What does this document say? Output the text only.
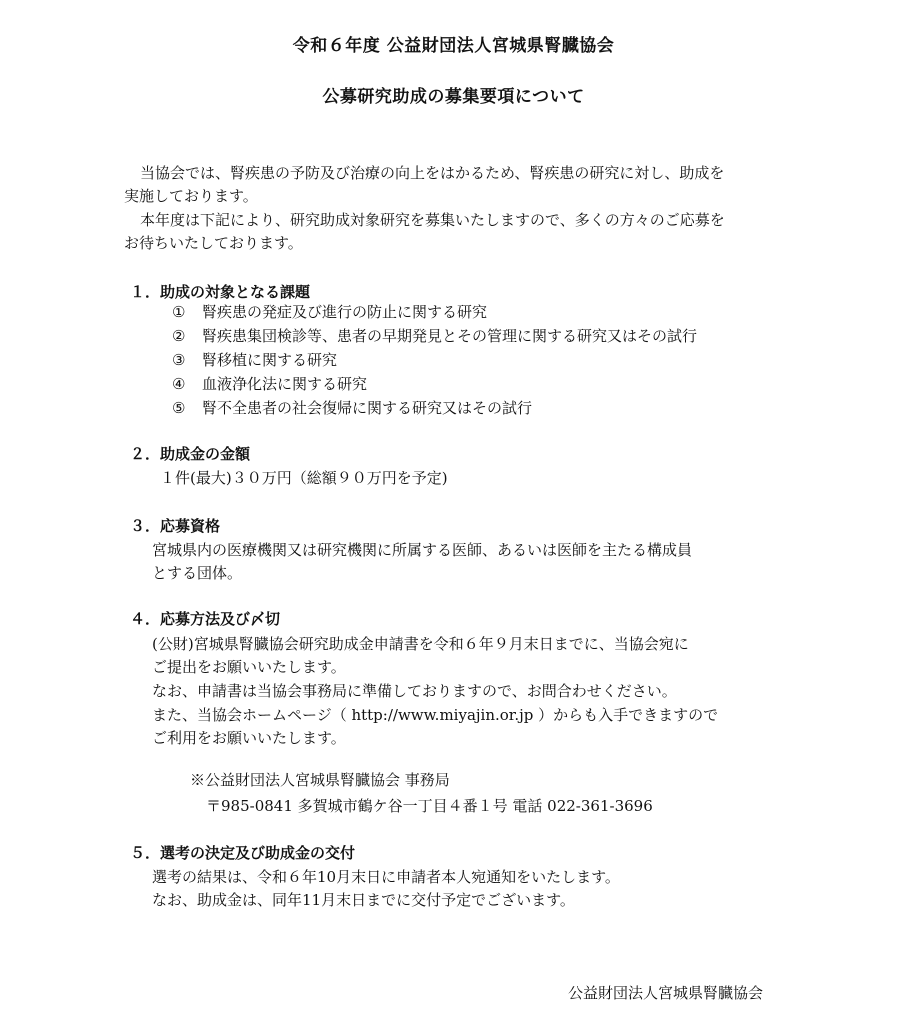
令和６年度 公益財団法人宮城県腎臓協会
公募研究助成の募集要項について
当協会では、腎疾患の予防及び治療の向上をはかるため、腎疾患の研究に対し、助成を
実施しております。
本年度は下記により、研究助成対象研究を募集いたしますので、多くの方々のご応募を
お待ちいたしております。
１．助成の対象となる課題
① 腎疾患の発症及び進行の防止に関する研究
② 腎疾患集団検診等、患者の早期発見とその管理に関する研究又はその試行
③ 腎移植に関する研究
④ 血液浄化法に関する研究
⑤ 腎不全患者の社会復帰に関する研究又はその試行
２．助成金の金額
１件(最大)３０万円（総額９０万円を予定)
３．応募資格
宮城県内の医療機関又は研究機関に所属する医師、あるいは医師を主たる構成員
とする団体。
４．応募方法及び〆切
(公財)宮城県腎臓協会研究助成金申請書を令和６年９月末日までに、当協会宛に
ご提出をお願いいたします。
なお、申請書は当協会事務局に準備しておりますので、お問合わせください。
また、当協会ホームページ（ http://www.miyajin.or.jp ）からも入手できますので
ご利用をお願いいたします。
※公益財団法人宮城県腎臓協会 事務局
〒985-0841 多賀城市鶴ケ谷一丁目４番１号 電話 022-361-3696
５．選考の決定及び助成金の交付
選考の結果は、令和６年10月末日に申請者本人宛通知をいたします。
なお、助成金は、同年11月末日までに交付予定でございます。
公益財団法人宮城県腎臓協会
